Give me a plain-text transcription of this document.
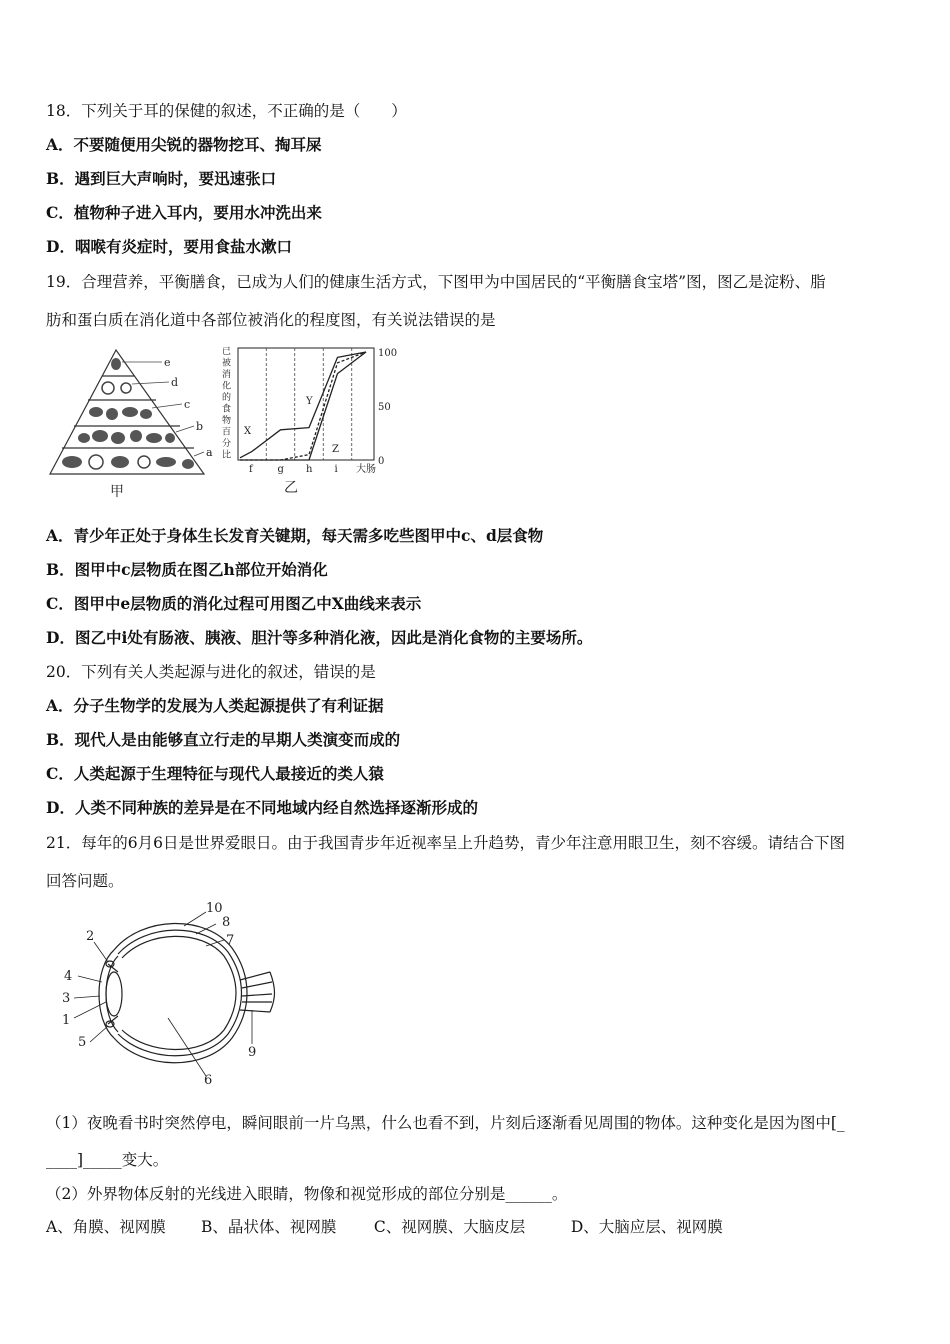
18．下列关于耳的保健的叙述，不正确的是（　　）
A．不要随便用尖锐的器物挖耳、掏耳屎
B．遇到巨大声响时，要迅速张口
C．植物种子进入耳内，要用水冲洗出来
D．咽喉有炎症时，要用食盐水漱口
19．合理营养，平衡膳食，已成为人们的健康生活方式，下图甲为中国居民的“平衡膳食宝塔”图，图乙是淀粉、脂
肪和蛋白质在消化道中各部位被消化的程度图，有关说法错误的是
e
d
c
b
a
甲
已
被
消
化
的
食
物
百
分
比
100
50
0
f g h i 大肠
X
Y
Z
乙
A．青少年正处于身体生长发育关键期，每天需多吃些图甲中c、d层食物
B．图甲中c层物质在图乙h部位开始消化
C．图甲中e层物质的消化过程可用图乙中X曲线来表示
D．图乙中i处有肠液、胰液、胆汁等多种消化液，因此是消化食物的主要场所。
20．下列有关人类起源与进化的叙述，错误的是
A．分子生物学的发展为人类起源提供了有利证据
B．现代人是由能够直立行走的早期人类演变而成的
C．人类起源于生理特征与现代人最接近的类人猿
D．人类不同种族的差异是在不同地域内经自然选择逐渐形成的
21．每年的6月6日是世界爱眼日。由于我国青步年近视率呈上升趋势，青少年注意用眼卫生，刻不容缓。请结合下图
回答问题。
10
8
7
2
4
3
1
5
9
6
（1）夜晚看书时突然停电，瞬间眼前一片乌黑，什么也看不到，片刻后逐渐看见周围的物体。这种变化是因为图中[_
____]_____变大。
（2）外界物体反射的光线进入眼睛，物像和视觉形成的部位分别是______。
A、角膜、视网膜 B、晶状体、视网膜 C、视网膜、大脑皮层	D、大脑应层、视网膜
